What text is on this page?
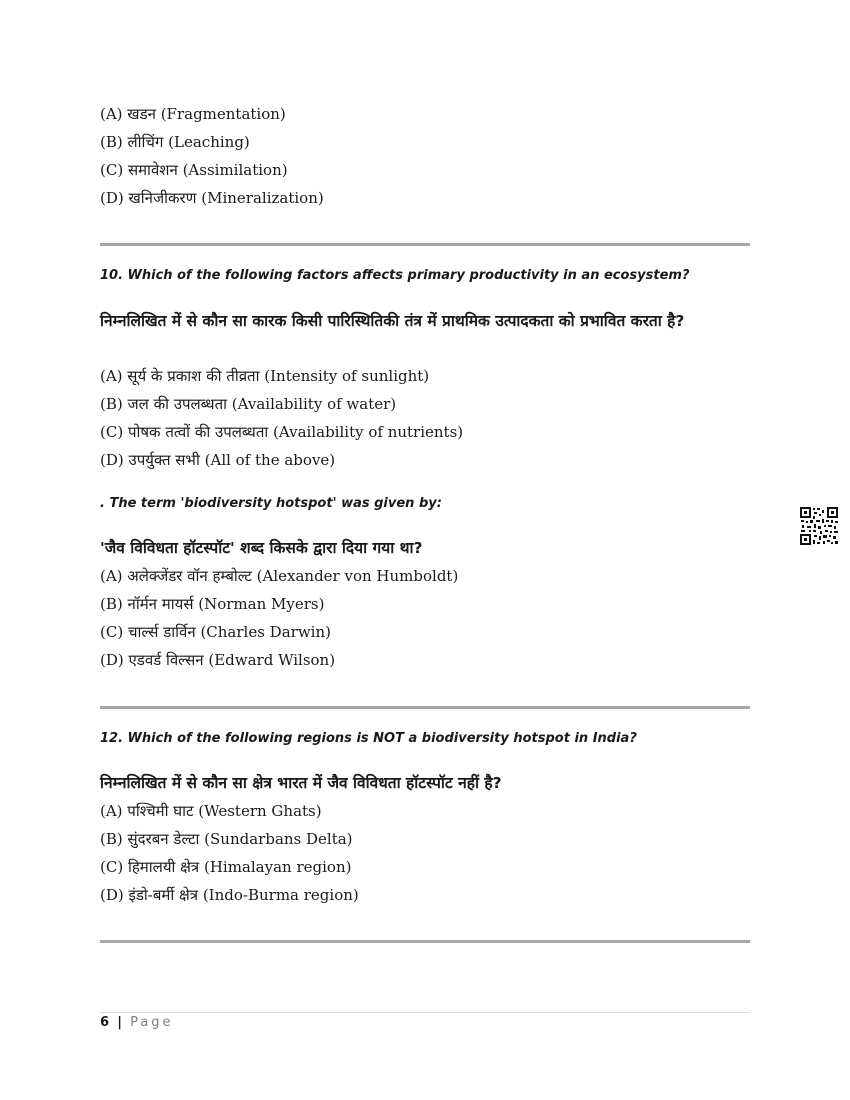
(A) खडन (Fragmentation)
(B) लीचिंग (Leaching)
(C) समावेशन (Assimilation)
(D) खनिजीकरण (Mineralization)
10. Which of the following factors affects primary productivity in an ecosystem?
निम्नलिखित में से कौन सा कारक किसी पारिस्थितिकी तंत्र में प्राथमिक उत्पादकता को प्रभावित करता है?
(A) सूर्य के प्रकाश की तीव्रता (Intensity of sunlight)
(B) जल की उपलब्धता (Availability of water)
(C) पोषक तत्वों की उपलब्धता (Availability of nutrients)
(D) उपर्युक्त सभी (All of the above)
. The term 'biodiversity hotspot' was given by:
'जैव विविधता हॉटस्पॉट' शब्द किसके द्वारा दिया गया था?
(A) अलेक्जेंडर वॉन हम्बोल्ट (Alexander von Humboldt)
(B) नॉर्मन मायर्स (Norman Myers)
(C) चार्ल्स डार्विन (Charles Darwin)
(D) एडवर्ड विल्सन (Edward Wilson)
12. Which of the following regions is NOT a biodiversity hotspot in India?
निम्नलिखित में से कौन सा क्षेत्र भारत में जैव विविधता हॉटस्पॉट नहीं है?
(A) पश्चिमी घाट (Western Ghats)
(B) सुंदरबन डेल्टा (Sundarbans Delta)
(C) हिमालयी क्षेत्र (Himalayan region)
(D) इंडो-बर्मी क्षेत्र (Indo-Burma region)
6 | Page
